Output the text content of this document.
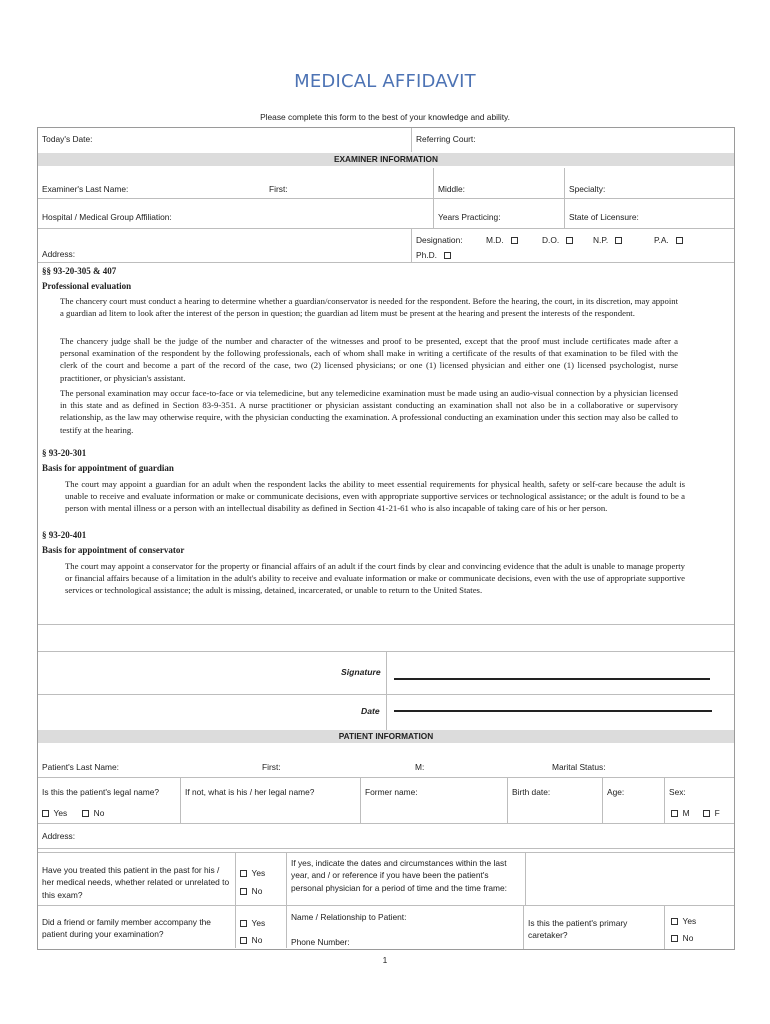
MEDICAL AFFIDAVIT
Please complete this form to the best of your knowledge and ability.
Today's Date:	Referring Court:
EXAMINER INFORMATION
Examiner's Last Name:	First:	Middle:	Specialty:
Hospital / Medical Group Affiliation:	Years Practicing:	State of Licensure:
Address:
Designation:	M.D.	D.O.	N.P.	P.A.
Ph.D.
§§ 93-20-305 & 407
Professional evaluation
The chancery court must conduct a hearing to determine whether a guardian/conservator is needed for the respondent. Before the hearing, the court, in its discretion, may appoint a guardian ad litem to look after the interest of the person in question; the guardian ad litem must be present at the hearing and present the interests of the respondent.
The chancery judge shall be the judge of the number and character of the witnesses and proof to be presented, except that the proof must include certificates made after a personal examination of the respondent by the following professionals, each of whom shall make in writing a certificate of the results of that examination to be filed with the clerk of the court and become a part of the record of the case, two (2) licensed physicians; or one (1) licensed physician and either one (1) licensed psychologist, nurse practitioner, or physician's assistant.
The personal examination may occur face-to-face or via telemedicine, but any telemedicine examination must be made using an audio-visual connection by a physician licensed in this state and as defined in Section 83-9-351. A nurse practitioner or physician assistant conducting an examination shall not also be in a collaborative or supervisory relationship, as the law may otherwise require, with the physician conducting the examination. A professional conducting an examination under this section may also be called to testify at the hearing.
§ 93-20-301
Basis for appointment of guardian
The court may appoint a guardian for an adult when the respondent lacks the ability to meet essential requirements for physical health, safety or self-care because the adult is unable to receive and evaluate information or make or communicate decisions, even with appropriate supportive services or technological assistance; or the adult is found to be a person with mental illness or a person with an intellectual disability as defined in Section 41-21-61 who is also incapable of taking care of his or her person.
§ 93-20-401
Basis for appointment of conservator
The court may appoint a conservator for the property or financial affairs of an adult if the court finds by clear and convincing evidence that the adult is unable to manage property or financial affairs because of a limitation in the adult's ability to receive and evaluate information or make or communicate decisions, even with the use of appropriate supportive services or technological assistance; the adult is missing, detained, incarcerated, or unable to return to the United States.
Signature
Date
PATIENT INFORMATION
Patient's Last Name:	First:	M:	Marital Status:
Is this the patient's legal name?	If not, what is his / her legal name?	Former name:	Birth date:	Age:	Sex:
Yes	No	M	F
Address:
Have you treated this patient in the past for his / her medical needs, whether related or unrelated to this exam?
Yes
No
If yes, indicate the dates and circumstances within the last year, and / or reference if you have been the patient's personal physician for a period of time and the time frame:
Did a friend or family member accompany the patient during your examination?
Yes
No
Name / Relationship to Patient:
Phone Number:
Is this the patient's primary caretaker?
Yes
No
1
